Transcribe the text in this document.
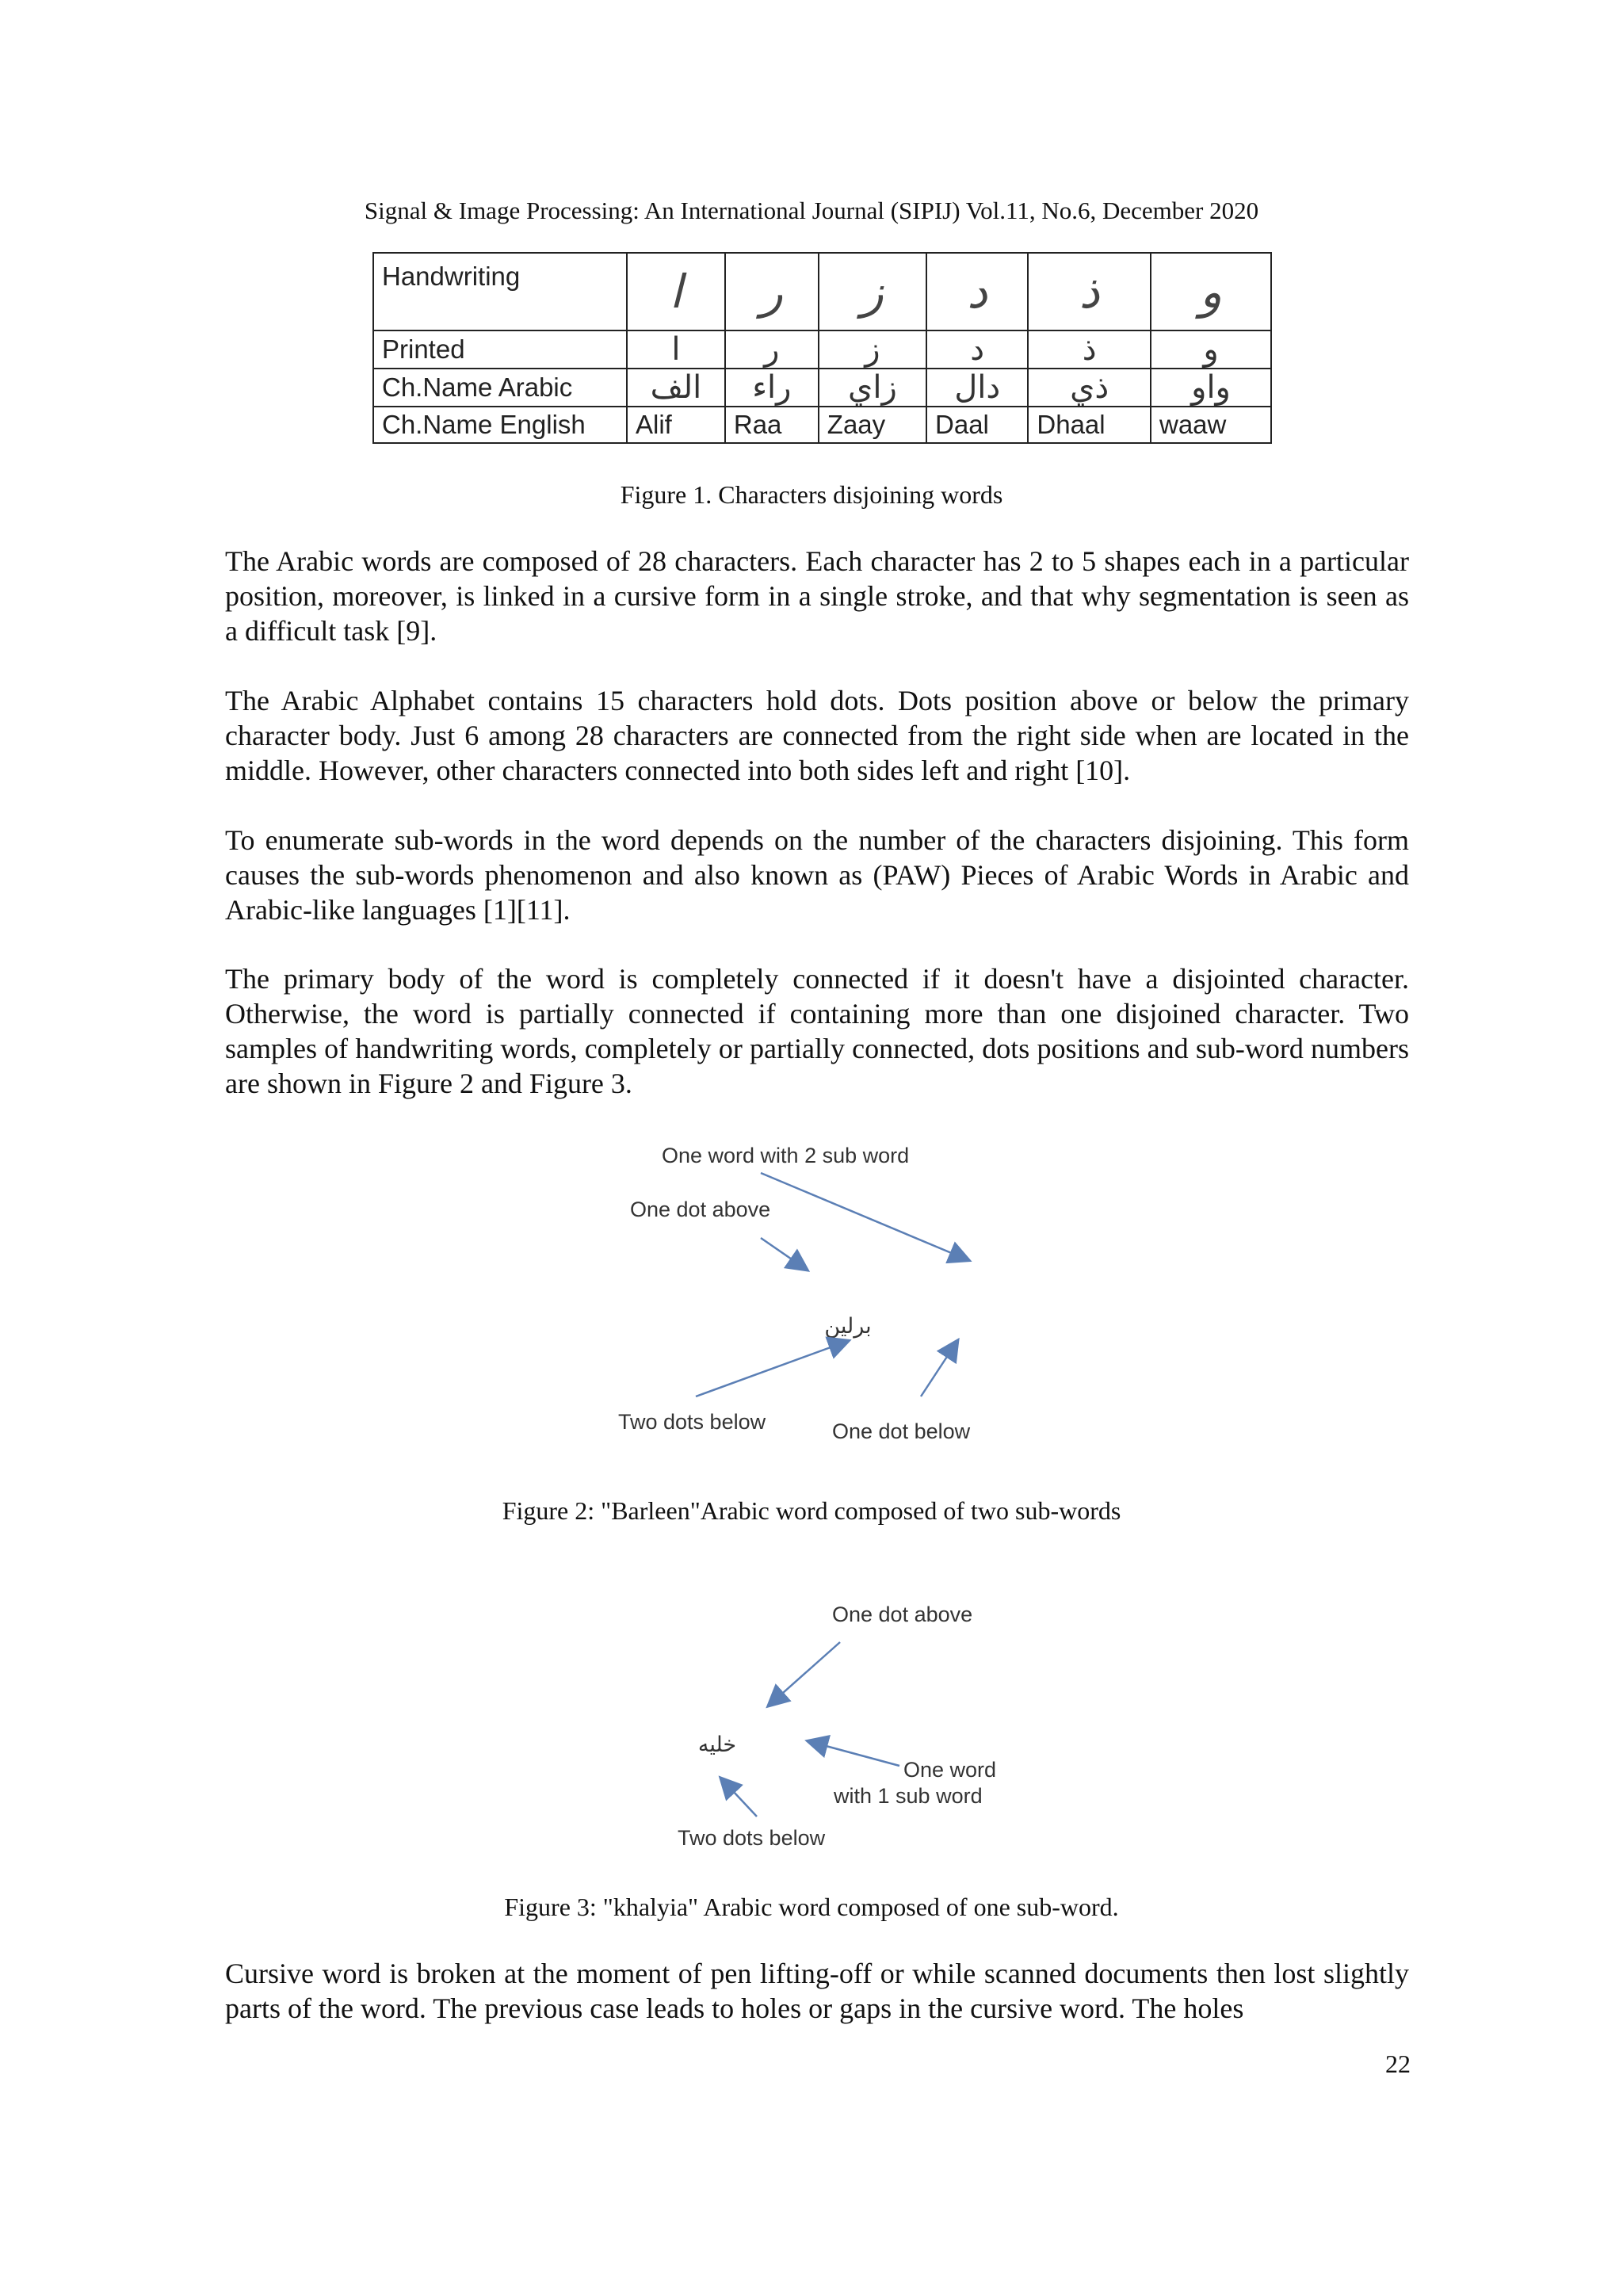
Signal & Image Processing: An International Journal (SIPIJ) Vol.11, No.6, December 2020
Handwriting	ا	ر	ز	د	ذ	و
Printed	ا	ر	ز	د	ذ	و
Ch.Name Arabic	الف	راء	زاي	دال	ذي	واو
Ch.Name English	Alif	Raa	Zaay	Daal	Dhaal	waaw
Figure 1. Characters disjoining words

The Arabic words are composed of 28 characters. Each character has 2 to 5 shapes each in a particular position, moreover, is linked in a cursive form in a single stroke, and that why segmentation is seen as a difficult task [9].

The Arabic Alphabet contains 15 characters hold dots. Dots position above or below the primary character body. Just 6 among 28 characters are connected from the right side when are located in the middle. However, other characters connected into both sides left and right [10].

To enumerate sub-words in the word depends on the number of the characters disjoining. This form causes the sub-words phenomenon and also known as (PAW) Pieces of Arabic Words in Arabic and Arabic-like languages [1][11].

The primary body of the word is completely connected if it doesn't have a disjointed character. Otherwise, the word is partially connected if containing more than one disjoined character. Two samples of handwriting words, completely or partially connected, dots positions and sub-word numbers are shown in Figure 2 and Figure 3.

One word with 2 sub word
One dot above
Two dots below	One dot below
برلين
Figure 2: "Barleen"Arabic word composed of two sub-words
One dot above
One word
with 1 sub word
Two dots below
خليه
Figure 3: "khalyia" Arabic word composed of one sub-word.

Cursive word is broken at the moment of pen lifting-off or while scanned documents then lost slightly parts of the word. The previous case leads to holes or gaps in the cursive word. The holes

22
